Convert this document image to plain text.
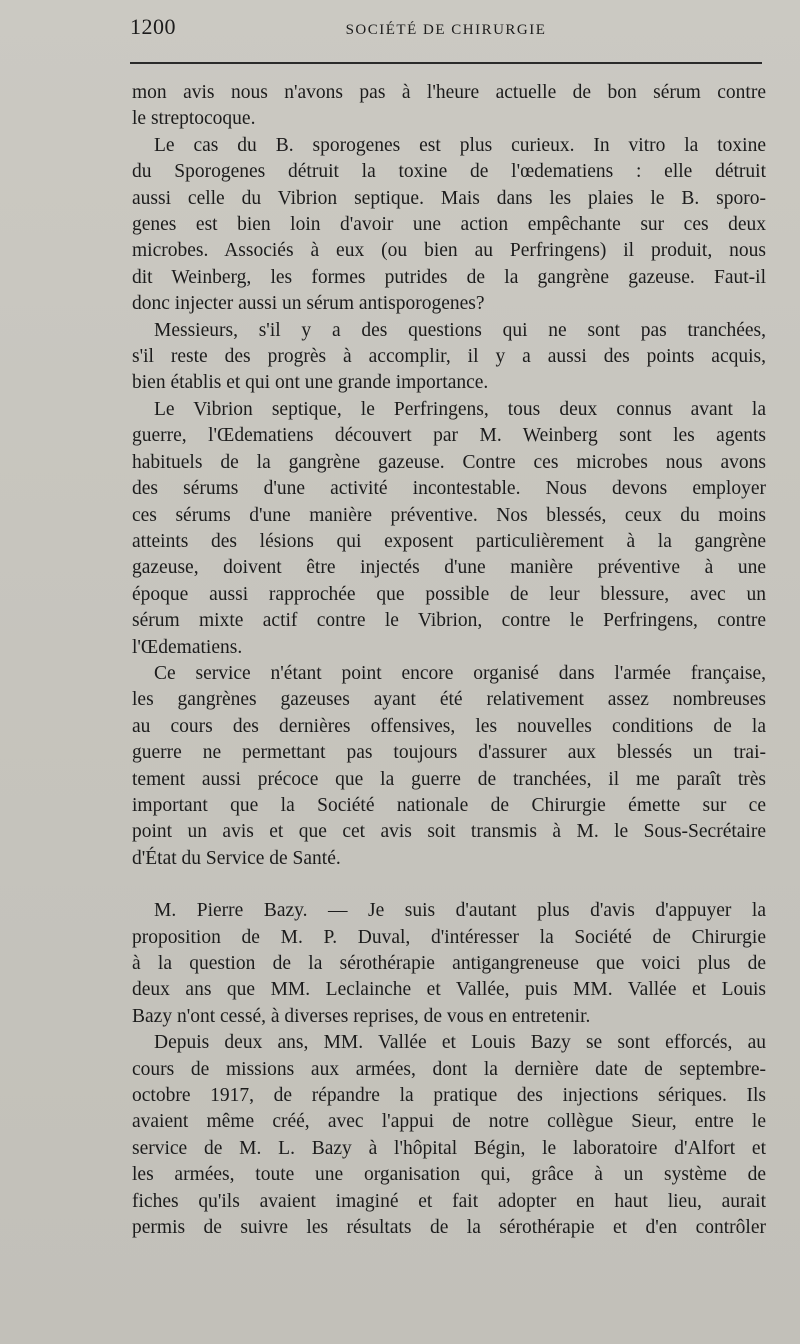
1200	SOCIÉTÉ DE CHIRURGIE
mon avis nous n'avons pas à l'heure actuelle de bon sérum contre
le streptocoque.
Le cas du B. sporogenes est plus curieux. In vitro la toxine
du Sporogenes détruit la toxine de l'œdematiens : elle détruit
aussi celle du Vibrion septique. Mais dans les plaies le B. sporo-
genes est bien loin d'avoir une action empêchante sur ces deux
microbes. Associés à eux (ou bien au Perfringens) il produit, nous
dit Weinberg, les formes putrides de la gangrène gazeuse. Faut-il
donc injecter aussi un sérum antisporogenes?
Messieurs, s'il y a des questions qui ne sont pas tranchées,
s'il reste des progrès à accomplir, il y a aussi des points acquis,
bien établis et qui ont une grande importance.
Le Vibrion septique, le Perfringens, tous deux connus avant la
guerre, l'Œdematiens découvert par M. Weinberg sont les agents
habituels de la gangrène gazeuse. Contre ces microbes nous avons
des sérums d'une activité incontestable. Nous devons employer
ces sérums d'une manière préventive. Nos blessés, ceux du moins
atteints des lésions qui exposent particulièrement à la gangrène
gazeuse, doivent être injectés d'une manière préventive à une
époque aussi rapprochée que possible de leur blessure, avec un
sérum mixte actif contre le Vibrion, contre le Perfringens, contre
l'Œdematiens.
Ce service n'étant point encore organisé dans l'armée française,
les gangrènes gazeuses ayant été relativement assez nombreuses
au cours des dernières offensives, les nouvelles conditions de la
guerre ne permettant pas toujours d'assurer aux blessés un trai-
tement aussi précoce que la guerre de tranchées, il me paraît très
important que la Société nationale de Chirurgie émette sur ce
point un avis et que cet avis soit transmis à M. le Sous-Secrétaire
d'État du Service de Santé.
M. Pierre Bazy. — Je suis d'autant plus d'avis d'appuyer la
proposition de M. P. Duval, d'intéresser la Société de Chirurgie
à la question de la sérothérapie antigangreneuse que voici plus de
deux ans que MM. Leclainche et Vallée, puis MM. Vallée et Louis
Bazy n'ont cessé, à diverses reprises, de vous en entretenir.
Depuis deux ans, MM. Vallée et Louis Bazy se sont efforcés, au
cours de missions aux armées, dont la dernière date de septembre-
octobre 1917, de répandre la pratique des injections sériques. Ils
avaient même créé, avec l'appui de notre collègue Sieur, entre le
service de M. L. Bazy à l'hôpital Bégin, le laboratoire d'Alfort et
les armées, toute une organisation qui, grâce à un système de
fiches qu'ils avaient imaginé et fait adopter en haut lieu, aurait
permis de suivre les résultats de la sérothérapie et d'en contrôler
